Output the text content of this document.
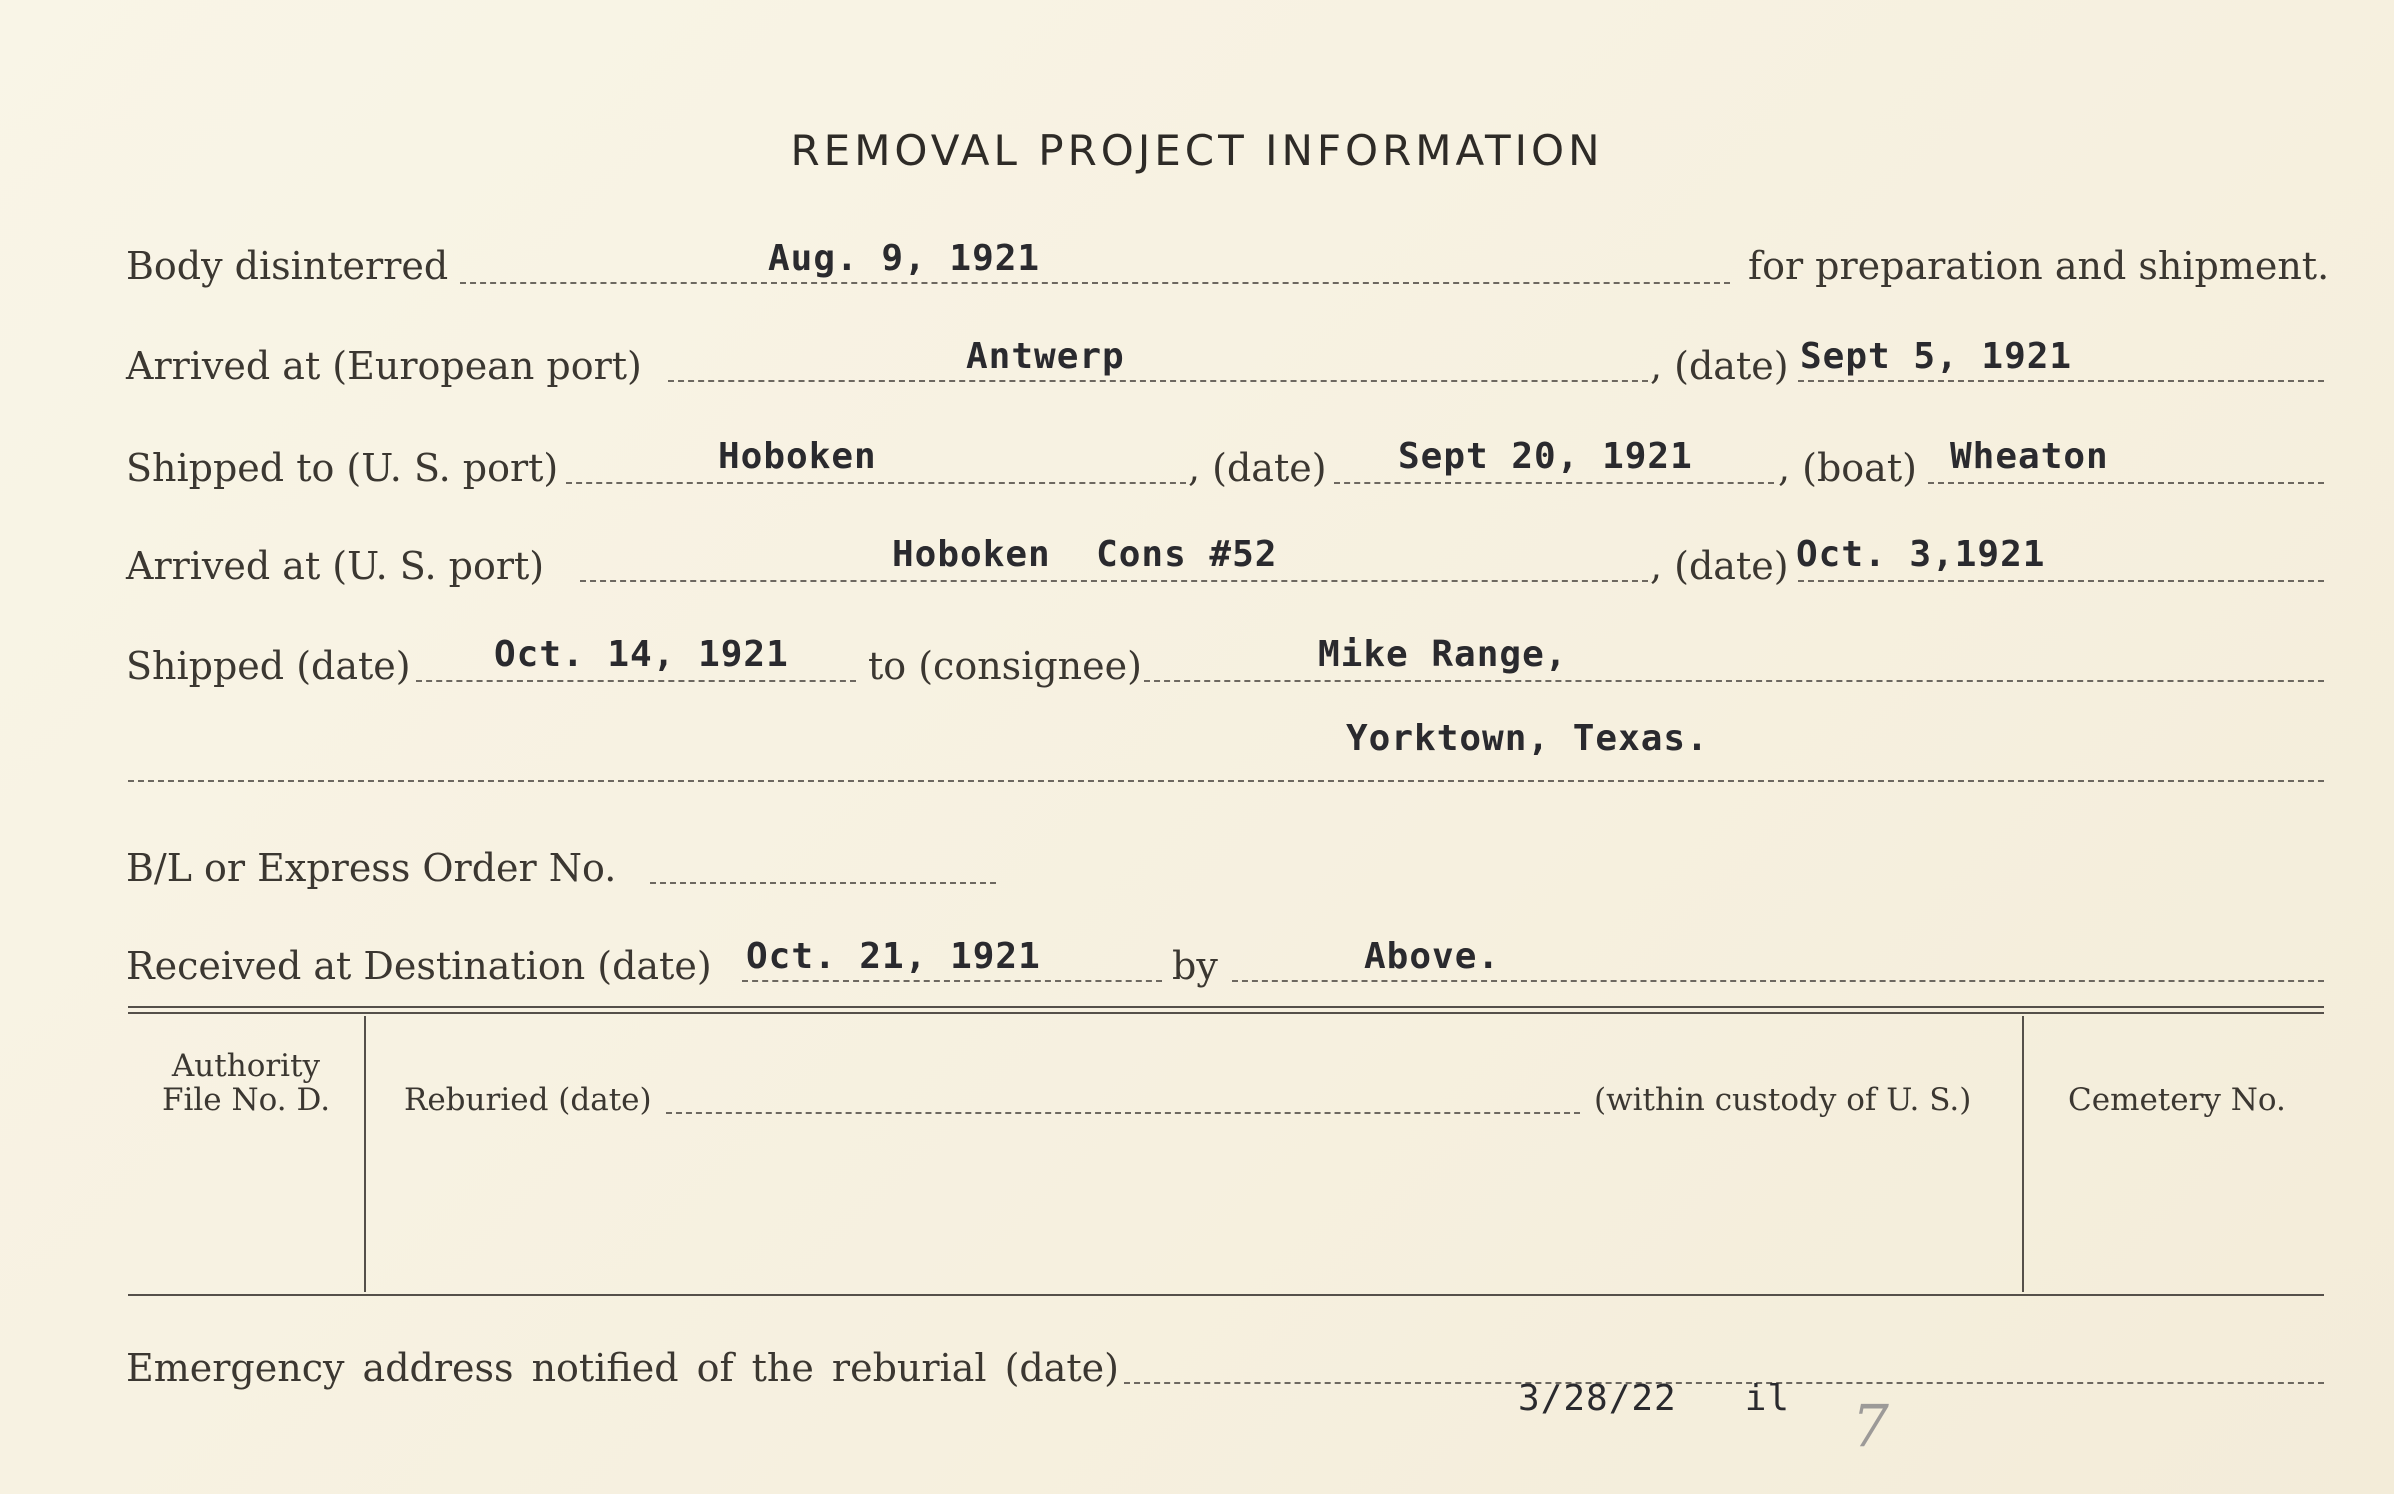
REMOVAL PROJECT INFORMATION
Body disinterred	Aug. 9, 1921	for preparation and shipment.
Arrived at (European port)	Antwerp	, (date) Sept 5, 1921
Shipped to (U. S. port)	Hoboken	, (date) Sept 20, 1921 , (boat) Wheaton
Arrived at (U. S. port)	Hoboken  Cons #52	, (date) Oct. 3,1921
Shipped (date) Oct. 14, 1921 to (consignee)	Mike Range,
Yorktown, Texas.
B/L or Express Order No.
Received at Destination (date) Oct. 21, 1921	by	Above.
Authority
File No. D.	Reburied (date)	(within custody of U. S.)	Cemetery No.
Emergency address notified of the reburial (date)
3/28/22   il 7
